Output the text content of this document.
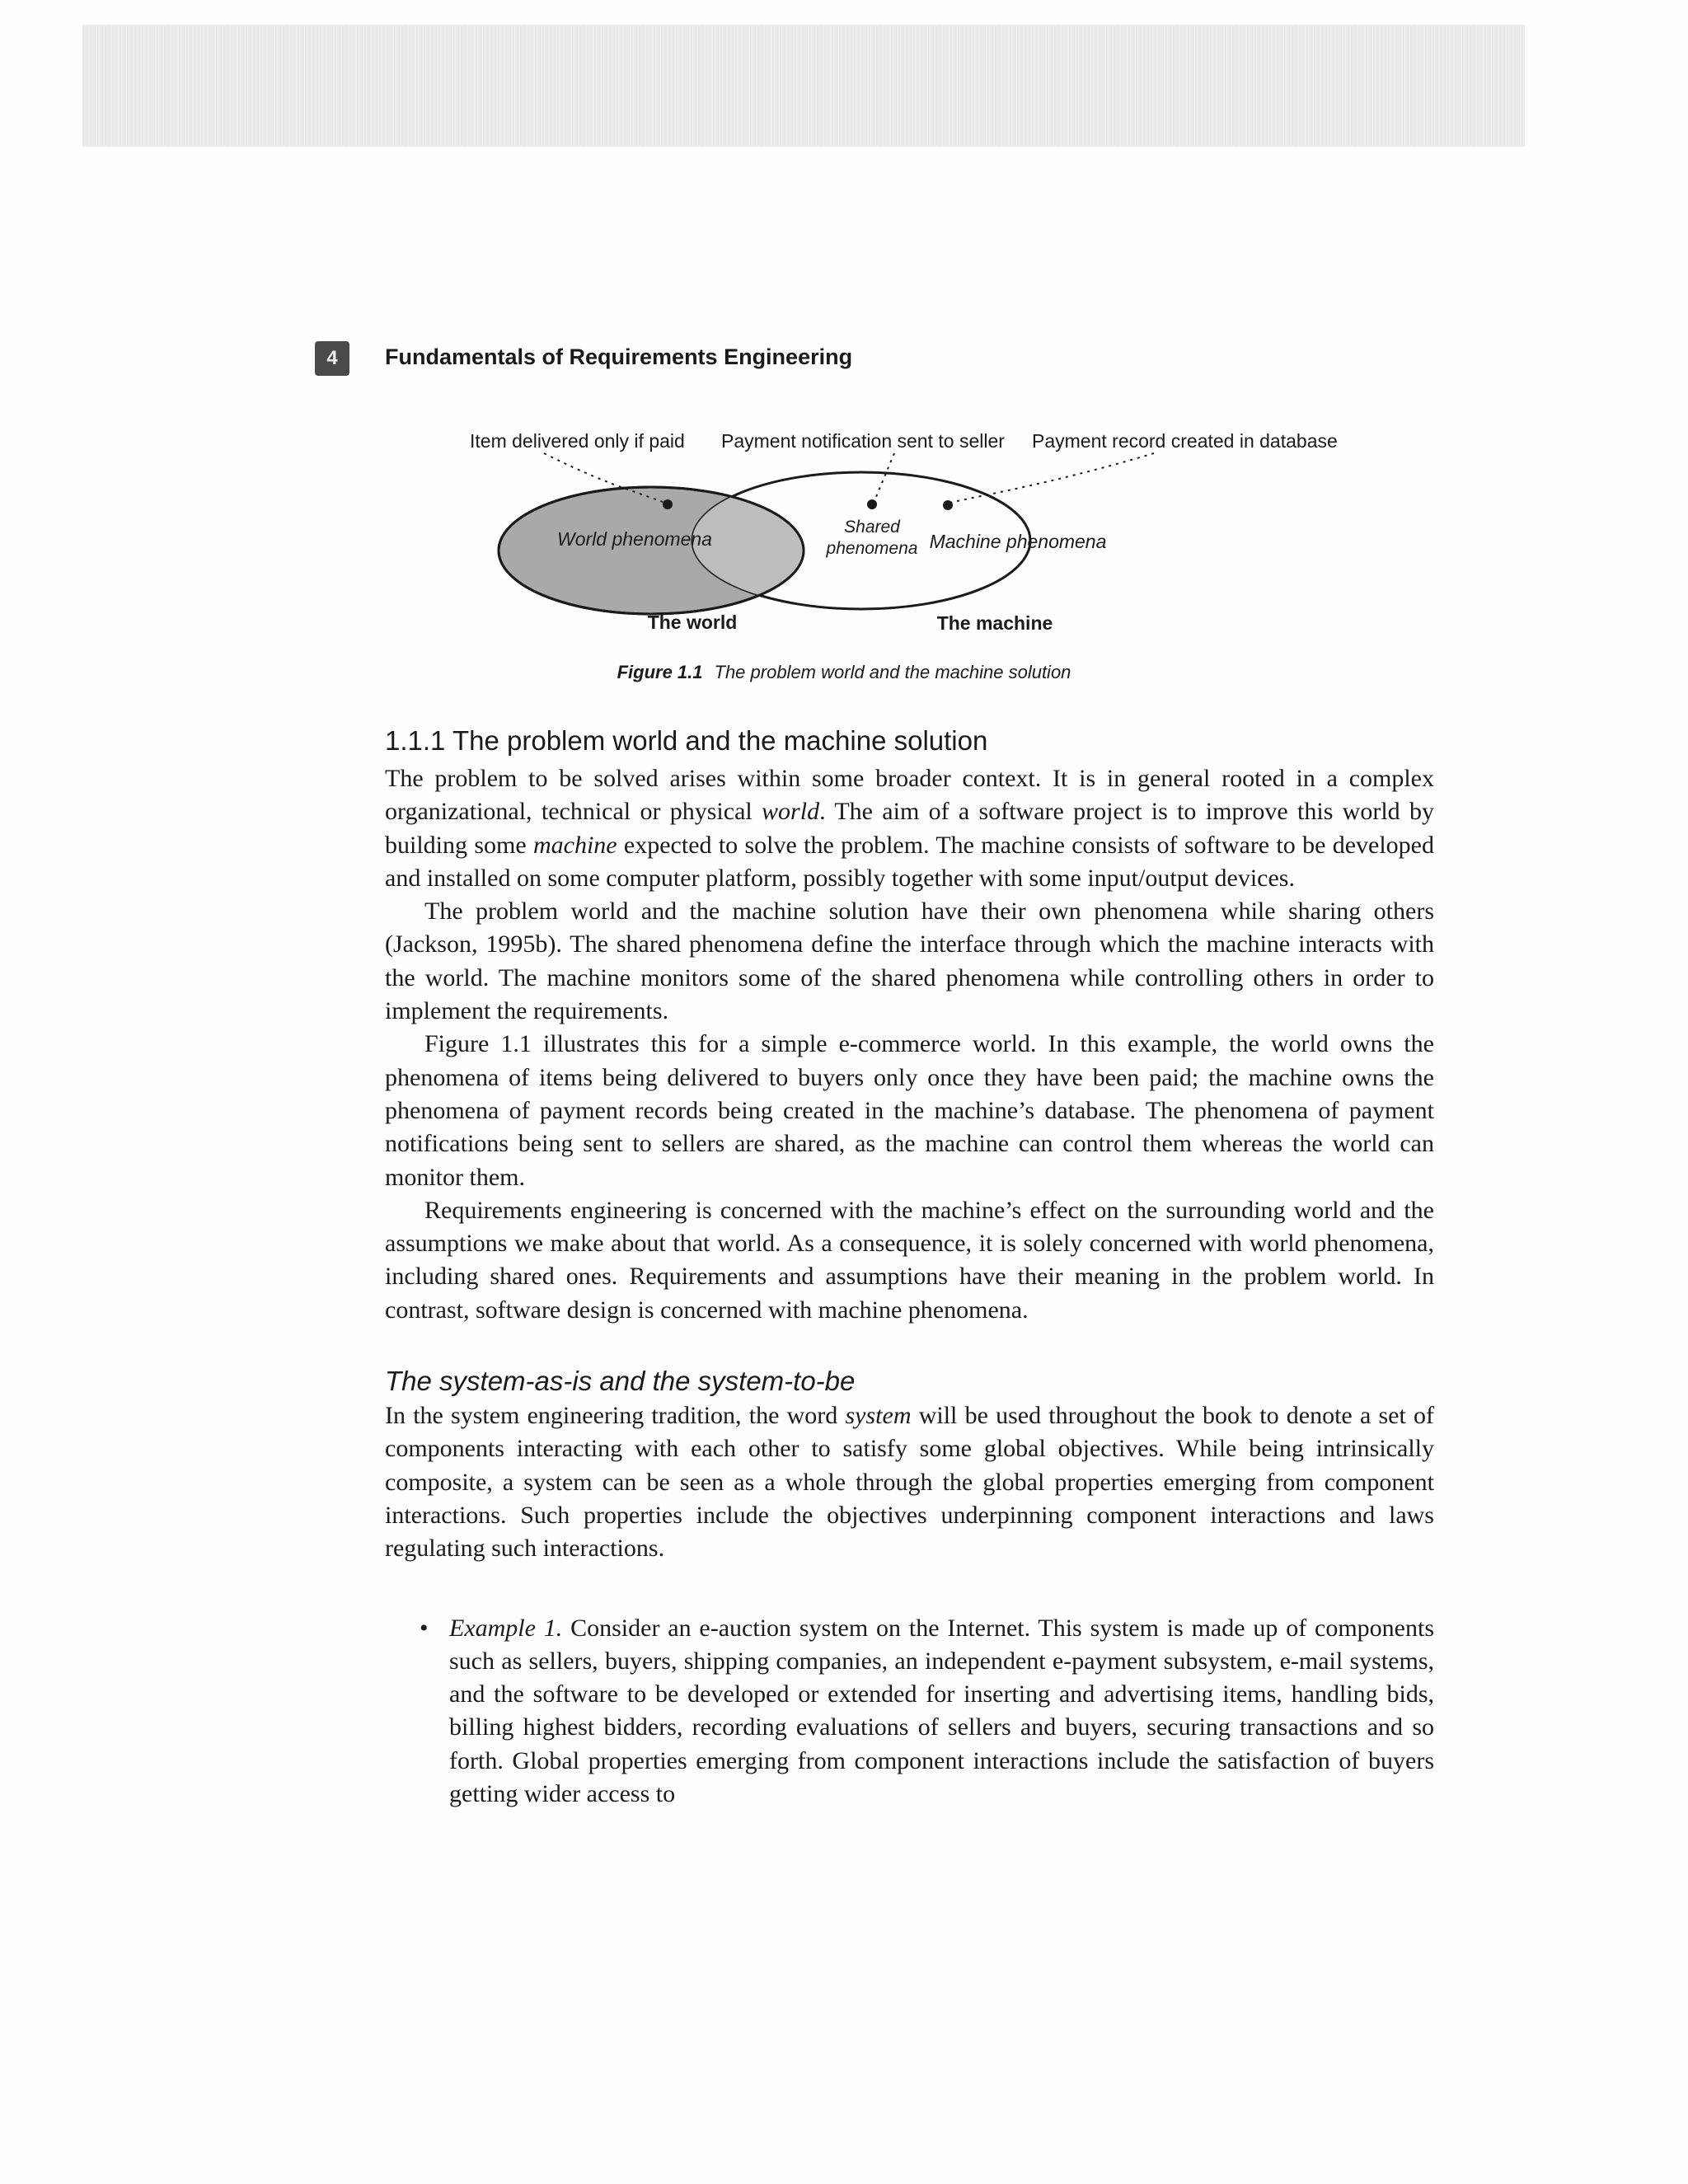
4	Fundamentals of Requirements Engineering
Item delivered only if paid Payment notification sent to seller Payment record created in database
World phenomena
Shared
phenomena Machine phenomena
The world	The machine
Figure 1.1 The problem world and the machine solution
1.1.1 The problem world and the machine solution

The problem to be solved arises within some broader context. It is in general rooted in a complex organizational, technical or physical world. The aim of a software project is to improve this world by building some machine expected to solve the problem. The machine consists of software to be developed and installed on some computer platform, possibly together with some input/output devices.

The problem world and the machine solution have their own phenomena while sharing others (Jackson, 1995b). The shared phenomena define the interface through which the machine interacts with the world. The machine monitors some of the shared phenomena while controlling others in order to implement the requirements.

Figure 1.1 illustrates this for a simple e-commerce world. In this example, the world owns the phenomena of items being delivered to buyers only once they have been paid; the machine owns the phenomena of payment records being created in the machine’s database. The phenomena of payment notifications being sent to sellers are shared, as the machine can control them whereas the world can monitor them.

Requirements engineering is concerned with the machine’s effect on the surrounding world and the assumptions we make about that world. As a consequence, it is solely concerned with world phenomena, including shared ones. Requirements and assumptions have their meaning in the problem world. In contrast, software design is concerned with machine phenomena.

The system-as-is and the system-to-be

In the system engineering tradition, the word system will be used throughout the book to denote a set of components interacting with each other to satisfy some global objectives. While being intrinsically composite, a system can be seen as a whole through the global properties emerging from component interactions. Such properties include the objectives underpinning component interactions and laws regulating such interactions.

• Example 1. Consider an e-auction system on the Internet. This system is made up of components such as sellers, buyers, shipping companies, an independent e-payment subsystem, e-mail systems, and the software to be developed or extended for inserting and advertising items, handling bids, billing highest bidders, recording evaluations of sellers and buyers, securing transactions and so forth. Global properties emerging from component interactions include the satisfaction of buyers getting wider access to
